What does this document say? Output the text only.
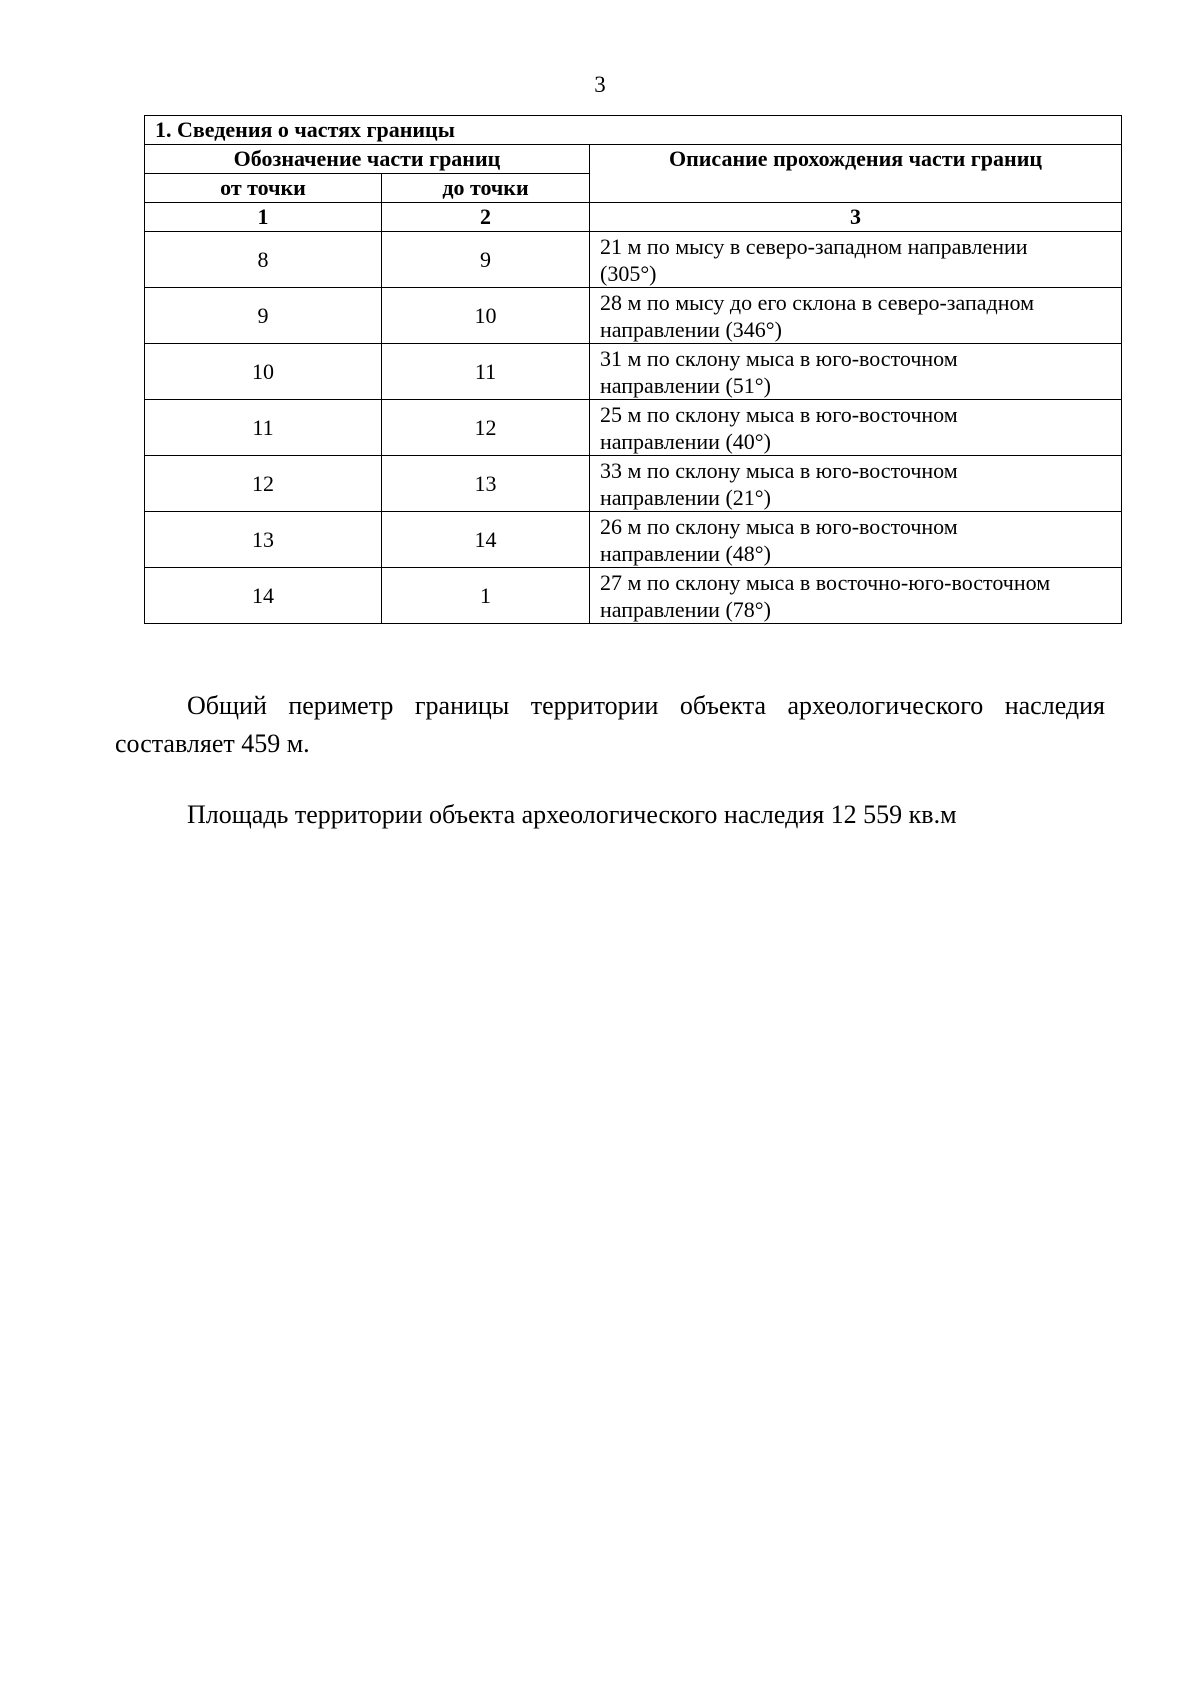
3
1. Сведения о частях границы		
Обозначение части границ		Описание прохождения части границ
от точки	до точки	
1	2	3
8	9	21 м по мысу в северо-западном направлении
(305°)
9	10	28 м по мысу до его склона в северо-западном
направлении (346°)
10	11	31 м по склону мыса в юго-восточном
направлении (51°)
11	12	25 м по склону мыса в юго-восточном
направлении (40°)
12	13	33 м по склону мыса в юго-восточном
направлении (21°)
13	14	26 м по склону мыса в юго-восточном
направлении (48°)
14	1	27 м по склону мыса в восточно-юго-восточном
направлении (78°)

Общий периметр границы территории объекта археологического наследия составляет 459 м.

Площадь территории объекта археологического наследия 12 559 кв.м
